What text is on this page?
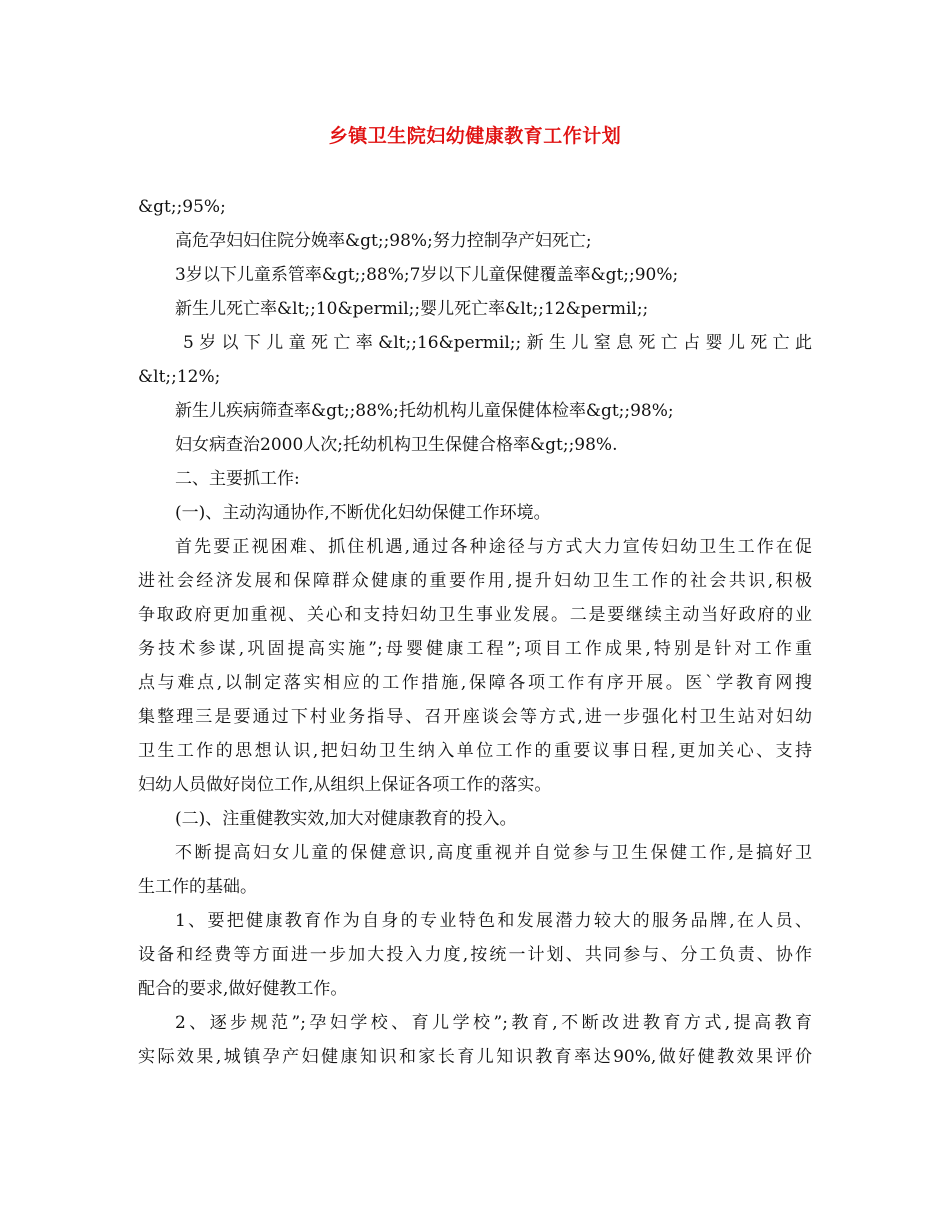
乡镇卫生院妇幼健康教育工作计划
&gt;;95%;
高危孕妇妇住院分娩率&gt;;98%;努力控制孕产妇死亡;
3岁以下儿童系管率&gt;;88%;7岁以下儿童保健覆盖率&gt;;90%;
新生儿死亡率&lt;;10&permil;;婴儿死亡率&lt;;12&permil;;
5岁以下儿童死亡率&lt;;16&permil;;新生儿窒息死亡占婴儿死亡此
&lt;;12%;
新生儿疾病筛查率&gt;;88%;托幼机构儿童保健体检率&gt;;98%;
妇女病查治2000人次;托幼机构卫生保健合格率&gt;;98%.
二、主要抓工作:
(一)、主动沟通协作,不断优化妇幼保健工作环境。
首先要正视困难、抓住机遇,通过各种途径与方式大力宣传妇幼卫生工作在促
进社会经济发展和保障群众健康的重要作用,提升妇幼卫生工作的社会共识,积极
争取政府更加重视、关心和支持妇幼卫生事业发展。二是要继续主动当好政府的业
务技术参谋,巩固提高实施”;母婴健康工程”;项目工作成果,特别是针对工作重
点与难点,以制定落实相应的工作措施,保障各项工作有序开展。医`学教育网搜
集整理三是要通过下村业务指导、召开座谈会等方式,进一步强化村卫生站对妇幼
卫生工作的思想认识,把妇幼卫生纳入单位工作的重要议事日程,更加关心、支持
妇幼人员做好岗位工作,从组织上保证各项工作的落实。
(二)、注重健教实效,加大对健康教育的投入。
不断提高妇女儿童的保健意识,高度重视并自觉参与卫生保健工作,是搞好卫
生工作的基础。
1、要把健康教育作为自身的专业特色和发展潜力较大的服务品牌,在人员、
设备和经费等方面进一步加大投入力度,按统一计划、共同参与、分工负责、协作
配合的要求,做好健教工作。
2、逐步规范”;孕妇学校、育儿学校”;教育,不断改进教育方式,提高教育
实际效果,城镇孕产妇健康知识和家长育儿知识教育率达90%,做好健教效果评价
